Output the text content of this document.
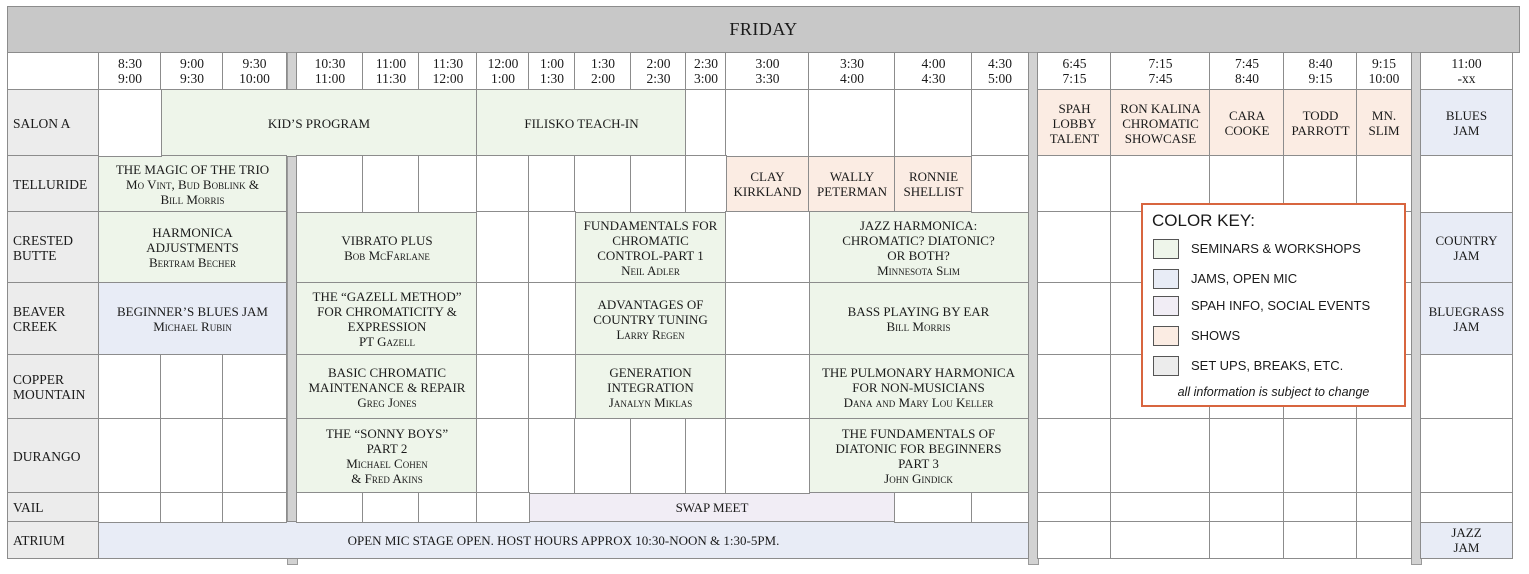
FRIDAY
8:30
9:00
9:00
9:30
9:30
10:00
10:30
11:00
11:00
11:30
11:30
12:00
12:00
1:00
1:00
1:30
1:30
2:00
2:00
2:30
2:30
3:00
3:00
3:30
3:30
4:00
4:00
4:30
4:30
5:00
6:45
7:15
7:15
7:45
7:45
8:40
8:40
9:15
9:15
10:00
11:00
-xx
SALON A
TELLURIDE
CRESTED
BUTTE
BEAVER
CREEK
COPPER
MOUNTAIN
DURANGO
VAIL
ATRIUM
KID’S PROGRAM	FILISKO TEACH-IN
SPAH
LOBBY
TALENT
RON KALINA
CHROMATIC
SHOWCASE
CARA
COOKE
TODD
PARROTT
MN.
SLIM
BLUES
JAM
THE MAGIC OF THE TRIO
Mo Vint, Bud Boblink &
Bill Morris
CLAY
KIRKLAND
WALLY
PETERMAN
RONNIE
SHELLIST
HARMONICA
ADJUSTMENTS
Bertram Becher
VIBRATO PLUS
Bob McFarlane
FUNDAMENTALS FOR
CHROMATIC
CONTROL-PART 1
Neil Adler
JAZZ HARMONICA:
CHROMATIC? DIATONIC?
OR BOTH?
Minnesota Slim
COUNTRY
JAM
BEGINNER’S BLUES JAM
Michael Rubin
THE “GAZELL METHOD”
FOR CHROMATICITY &
EXPRESSION
PT Gazell
ADVANTAGES OF
COUNTRY TUNING
Larry Regen
BASS PLAYING BY EAR
Bill Morris
BLUEGRASS
JAM
BASIC CHROMATIC
MAINTENANCE & REPAIR
Greg Jones
GENERATION
INTEGRATION
Janalyn Miklas
THE PULMONARY HARMONICA
FOR NON-MUSICIANS
Dana and Mary Lou Keller
THE “SONNY BOYS”
PART 2
Michael Cohen
& Fred Akins
THE FUNDAMENTALS OF
DIATONIC FOR BEGINNERS
PART 3
John Gindick
SWAP MEET
OPEN MIC STAGE OPEN. HOST HOURS APPROX 10:30-NOON & 1:30-5PM.	JAZZ
JAM
COLOR KEY:
SEMINARS & WORKSHOPS
JAMS, OPEN MIC
SPAH INFO, SOCIAL EVENTS
SHOWS
SET UPS, BREAKS, ETC.
all information is subject to change
